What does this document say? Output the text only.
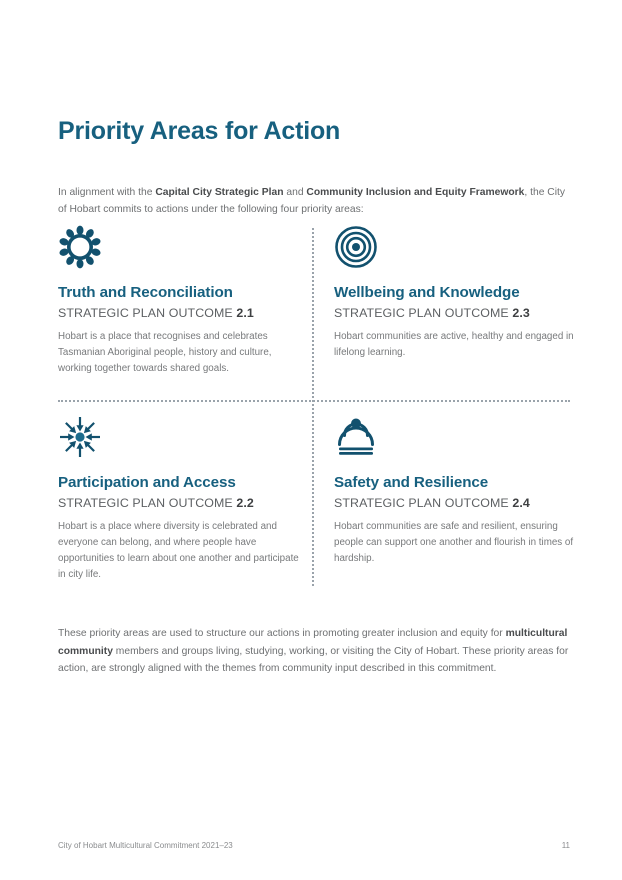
Priority Areas for Action

In alignment with the Capital City Strategic Plan and Community Inclusion and Equity Framework, the City of Hobart commits to actions under the following four priority areas:

Truth and Reconciliation
STRATEGIC PLAN OUTCOME 2.1

Hobart is a place that recognises and celebrates Tasmanian Aboriginal people, history and culture, working together towards shared goals.

Wellbeing and Knowledge
STRATEGIC PLAN OUTCOME 2.3

Hobart communities are active, healthy and engaged in lifelong learning.

Participation and Access
STRATEGIC PLAN OUTCOME 2.2

Hobart is a place where diversity is celebrated and everyone can belong, and where people have opportunities to learn about one another and participate in city life.

Safety and Resilience
STRATEGIC PLAN OUTCOME 2.4

Hobart communities are safe and resilient, ensuring people can support one another and flourish in times of hardship.

These priority areas are used to structure our actions in promoting greater inclusion and equity for multicultural community members and groups living, studying, working, or visiting the City of Hobart. These priority areas for action, are strongly aligned with the themes from community input described in this commitment.

City of Hobart Multicultural Commitment 2021–23	11
